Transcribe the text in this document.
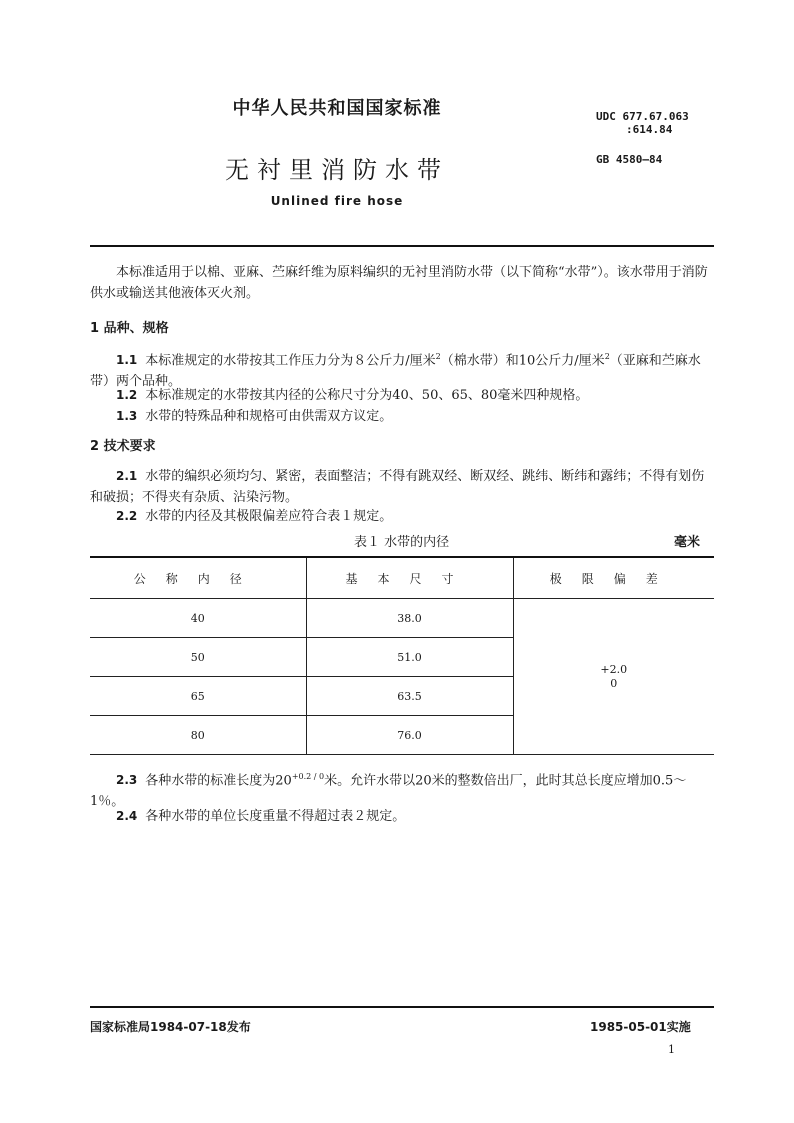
中华人民共和国国家标准
无衬里消防水带
Unlined fire hose
UDC 677.67.063
:614.84
GB 4580—84
本标准适用于以棉、亚麻、苎麻纤维为原料编织的无衬里消防水带（以下简称“水带”）。该水带用于消防供水或输送其他液体灭火剂。
1 品种、规格
1.1 本标准规定的水带按其工作压力分为８公斤力/厘米$^2$（棉水带）和10公斤力/厘米$^2$（亚麻和苎麻水带）两个品种。
1.2 本标准规定的水带按其内径的公称尺寸分为40、50、65、80毫米四种规格。
1.3 水带的特殊品种和规格可由供需双方议定。
2 技术要求
2.1 水带的编织必须均匀、紧密，表面整洁；不得有跳双经、断双经、跳纬、断纬和露纬；不得有划伤和破损；不得夹有杂质、沾染污物。
2.2 水带的内径及其极限偏差应符合表１规定。
表１ 水带的内径	毫米
公称内径	基本尺寸	极限偏差
40	38.0	+2.0
0

50	51.0	
65	63.5	
80	76.0	
2.3 各种水带的标准长度为$20^{+0.2 / 0}$米。允许水带以20米的整数倍出厂，此时其总长度应增加0.5～1％。
2.4 各种水带的单位长度重量不得超过表２规定。
国家标准局1984-07-18发布	1985-05-01实施
1
